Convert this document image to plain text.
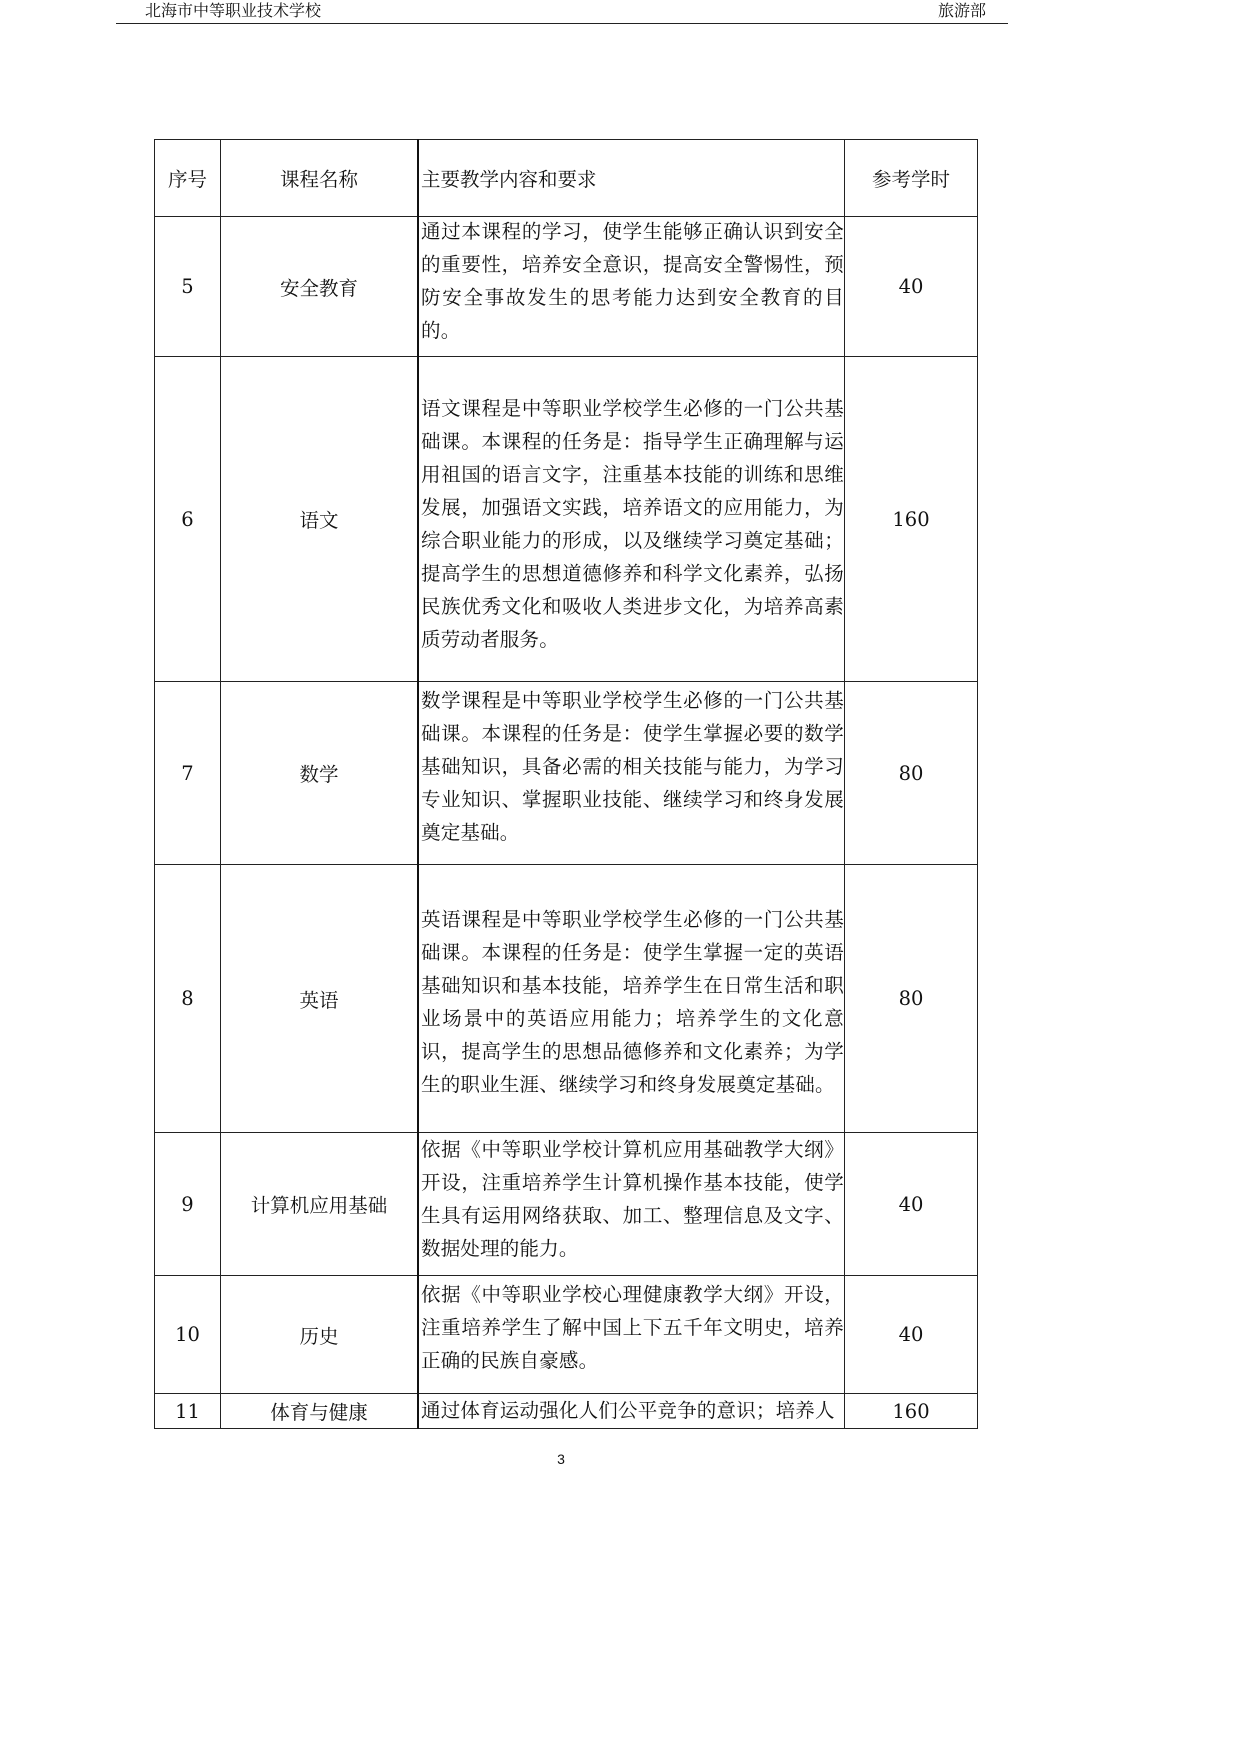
北海市中等职业技术学校	旅游部
序号	课程名称	主要教学内容和要求	参考学时
5	安全教育	通过本课程的学习，使学生能够正确认识到安全的重要性，培养安全意识，提高安全警惕性，预防安全事故发生的思考能力达到安全教育的目的。	40
6	语文	语文课程是中等职业学校学生必修的一门公共基础课。本课程的任务是：指导学生正确理解与运用祖国的语言文字，注重基本技能的训练和思维发展，加强语文实践，培养语文的应用能力，为综合职业能力的形成，以及继续学习奠定基础；提高学生的思想道德修养和科学文化素养，弘扬民族优秀文化和吸收人类进步文化，为培养高素质劳动者服务。	160
7	数学	数学课程是中等职业学校学生必修的一门公共基础课。本课程的任务是：使学生掌握必要的数学基础知识，具备必需的相关技能与能力，为学习专业知识、掌握职业技能、继续学习和终身发展奠定基础。	80
8	英语	英语课程是中等职业学校学生必修的一门公共基础课。本课程的任务是：使学生掌握一定的英语基础知识和基本技能，培养学生在日常生活和职业场景中的英语应用能力；培养学生的文化意识，提高学生的思想品德修养和文化素养；为学生的职业生涯、继续学习和终身发展奠定基础。	80
9	计算机应用基础	依据《中等职业学校计算机应用基础教学大纲》开设，注重培养学生计算机操作基本技能，使学生具有运用网络获取、加工、整理信息及文字、数据处理的能力。	40
10	历史	依据《中等职业学校心理健康教学大纲》开设，注重培养学生了解中国上下五千年文明史，培养正确的民族自豪感。	40
11	体育与健康	通过体育运动强化人们公平竞争的意识；培养人	160
3
